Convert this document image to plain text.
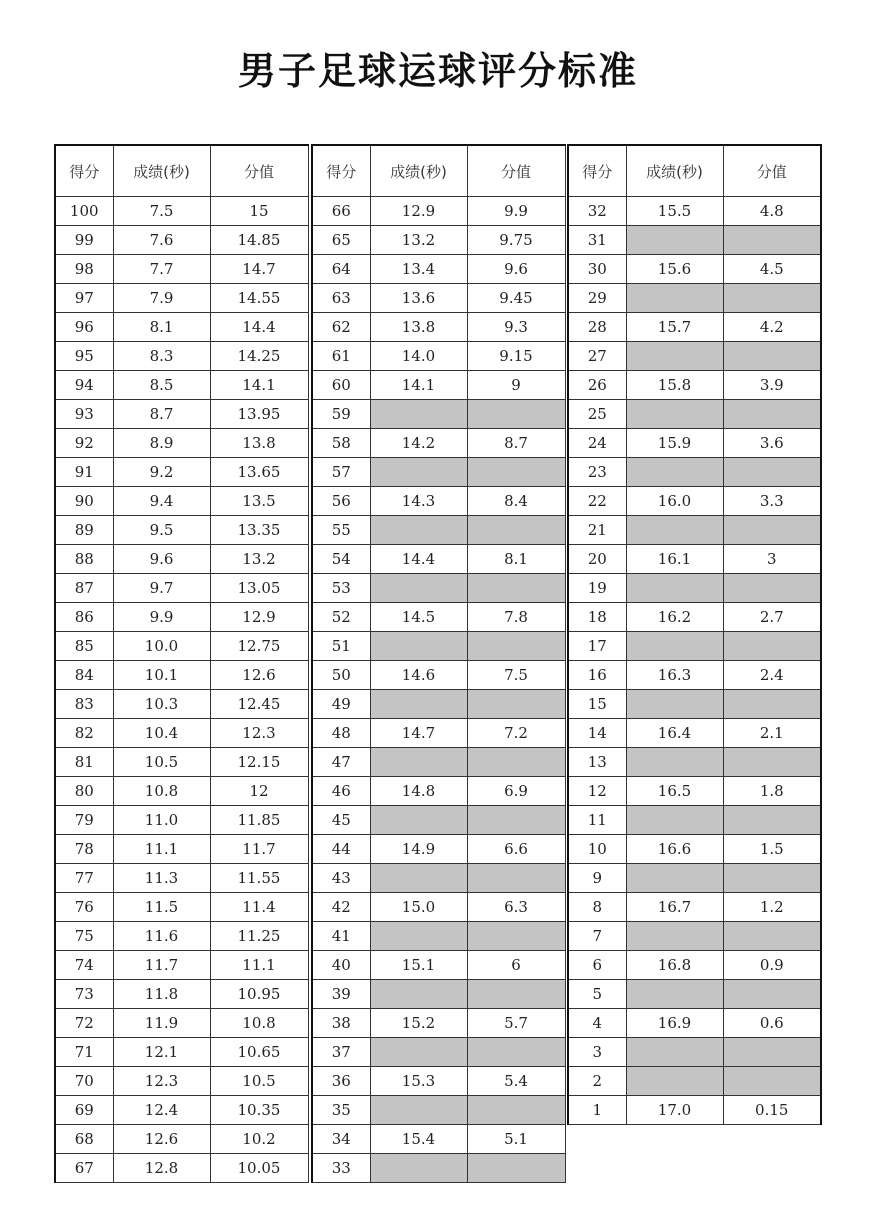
男子足球运球评分标准
得分	成绩(秒)	分值
100	7.5	15
99	7.6	14.85
98	7.7	14.7
97	7.9	14.55
96	8.1	14.4
95	8.3	14.25
94	8.5	14.1
93	8.7	13.95
92	8.9	13.8
91	9.2	13.65
90	9.4	13.5
89	9.5	13.35
88	9.6	13.2
87	9.7	13.05
86	9.9	12.9
85	10.0	12.75
84	10.1	12.6
83	10.3	12.45
82	10.4	12.3
81	10.5	12.15
80	10.8	12
79	11.0	11.85
78	11.1	11.7
77	11.3	11.55
76	11.5	11.4
75	11.6	11.25
74	11.7	11.1
73	11.8	10.95
72	11.9	10.8
71	12.1	10.65
70	12.3	10.5
69	12.4	10.35
68	12.6	10.2
67	12.8	10.05
得分	成绩(秒)	分值
66	12.9	9.9
65	13.2	9.75
64	13.4	9.6
63	13.6	9.45
62	13.8	9.3
61	14.0	9.15
60	14.1	9
59		
58	14.2	8.7
57		
56	14.3	8.4
55		
54	14.4	8.1
53		
52	14.5	7.8
51		
50	14.6	7.5
49		
48	14.7	7.2
47		
46	14.8	6.9
45		
44	14.9	6.6
43		
42	15.0	6.3
41		
40	15.1	6
39		
38	15.2	5.7
37		
36	15.3	5.4
35		
34	15.4	5.1
33		
得分	成绩(秒)	分值
32	15.5	4.8
31		
30	15.6	4.5
29		
28	15.7	4.2
27		
26	15.8	3.9
25		
24	15.9	3.6
23		
22	16.0	3.3
21		
20	16.1	3
19		
18	16.2	2.7
17		
16	16.3	2.4
15		
14	16.4	2.1
13		
12	16.5	1.8
11		
10	16.6	1.5
9		
8	16.7	1.2
7		
6	16.8	0.9
5		
4	16.9	0.6
3		
2		
1	17.0	0.15
